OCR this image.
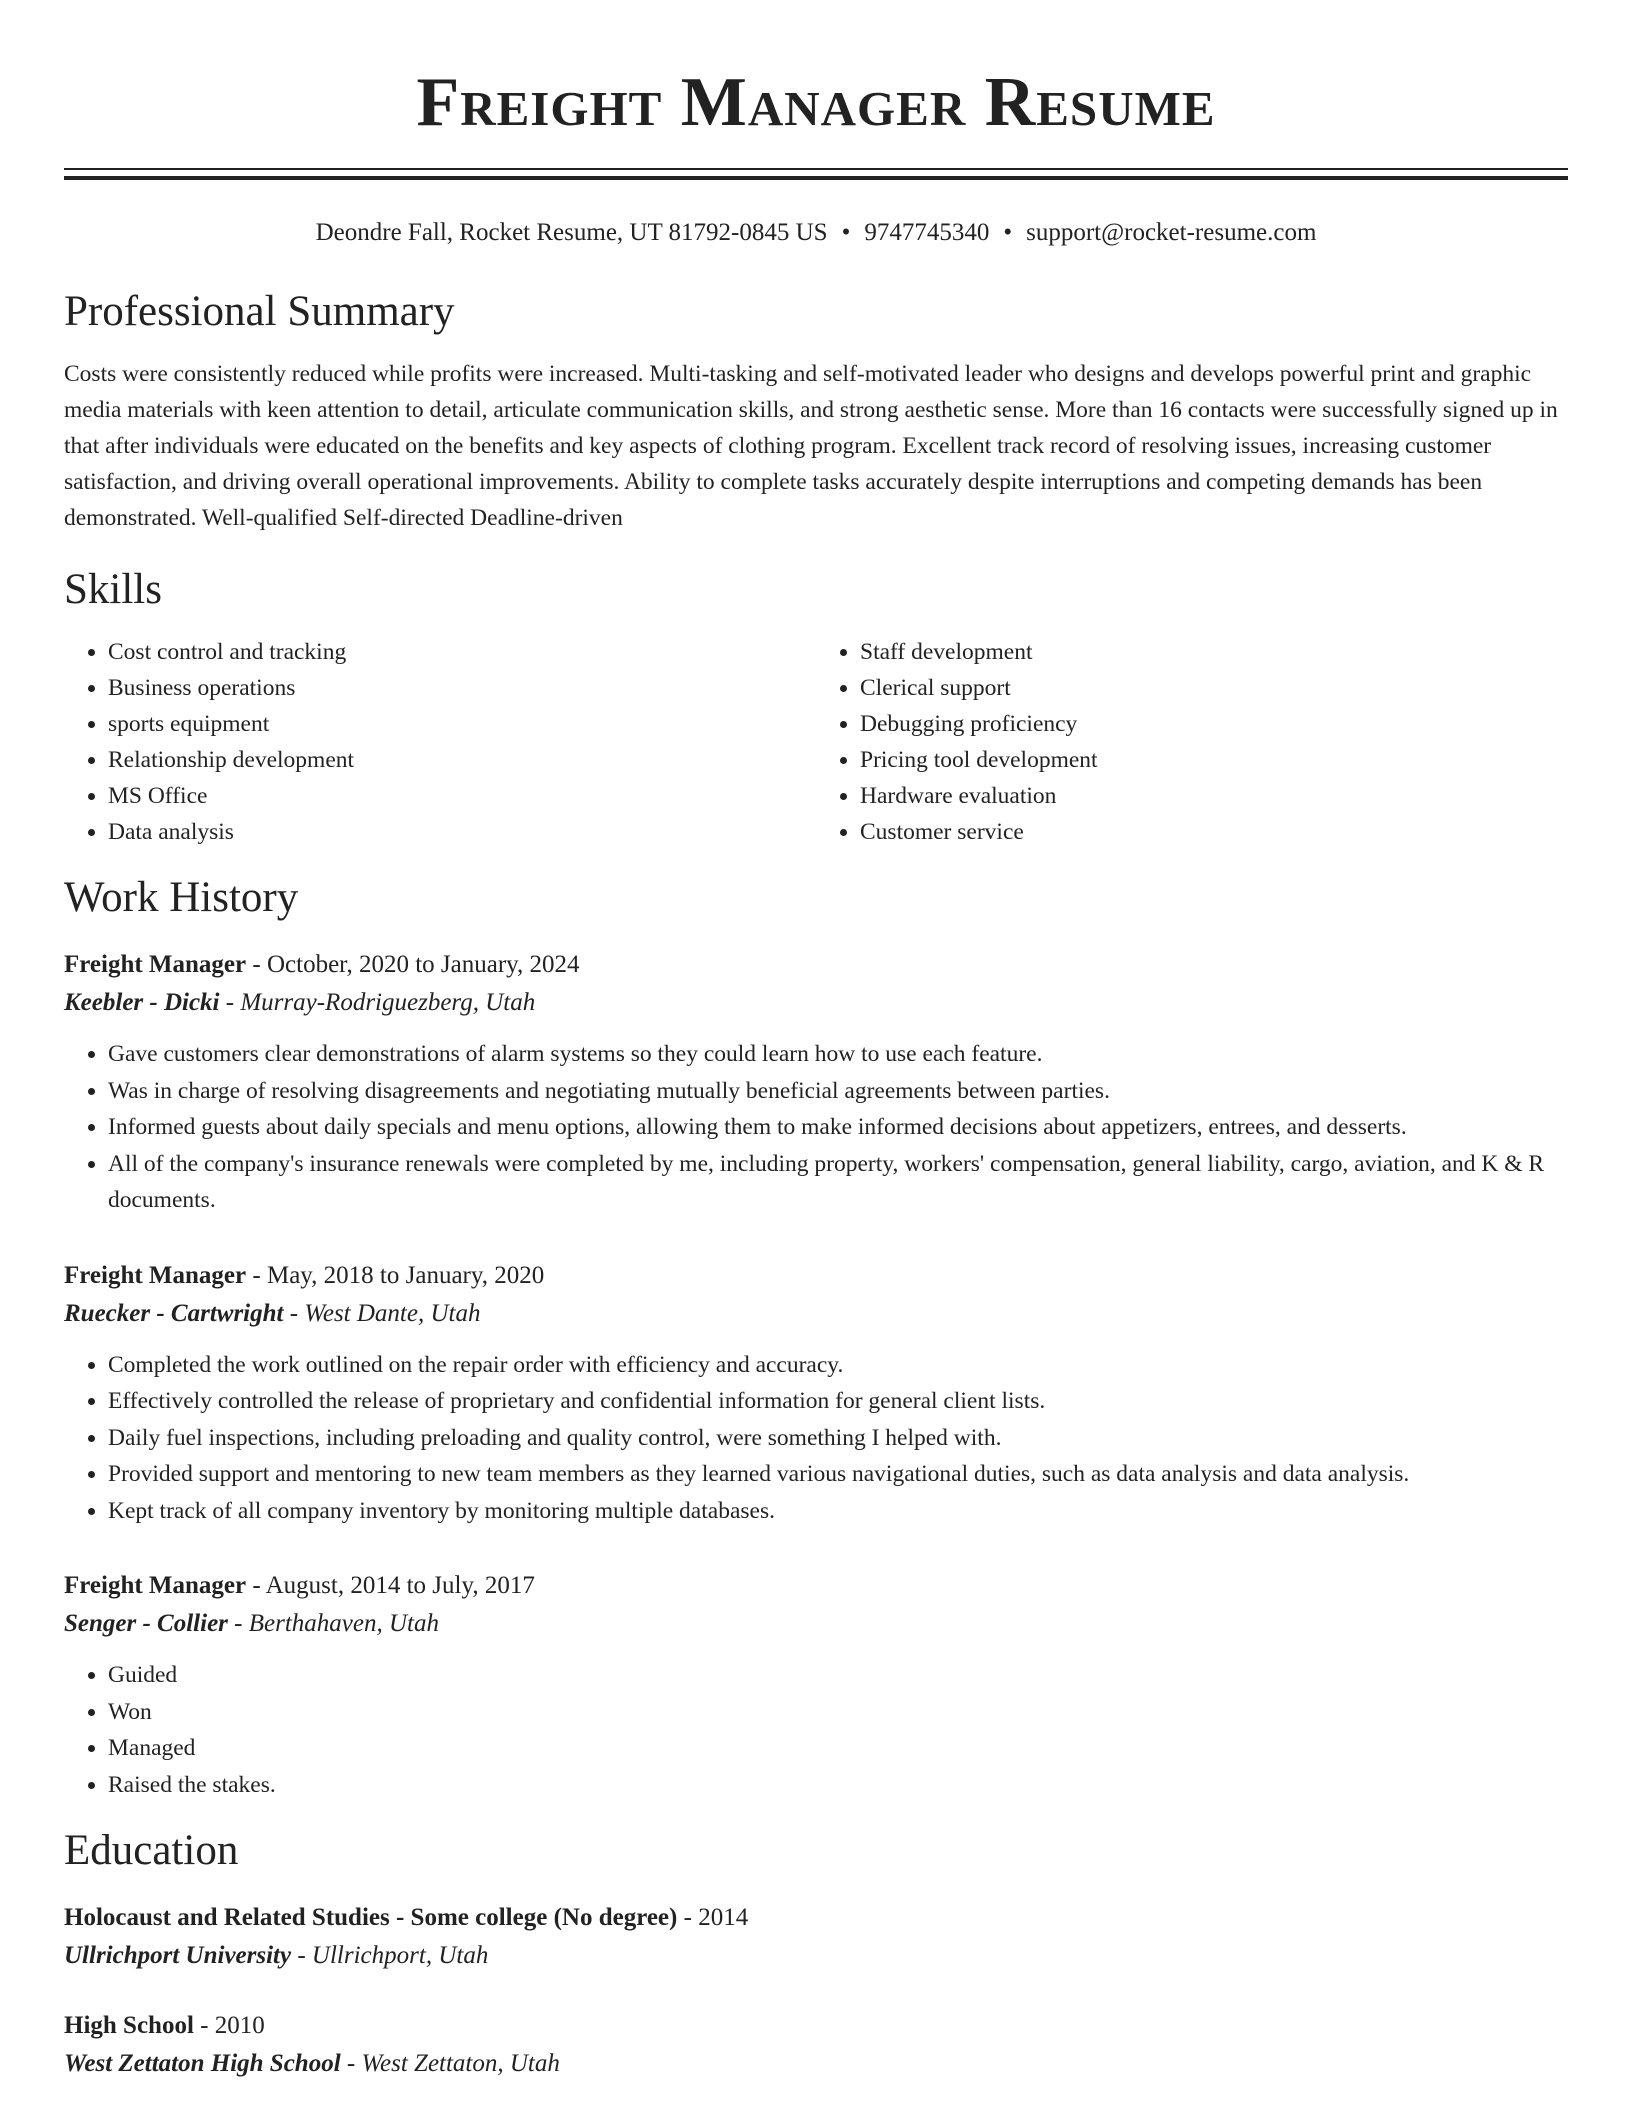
Freight Manager Resume
Deondre Fall, Rocket Resume, UT 81792-0845 US • 9747745340 • support@rocket-resume.com
Professional Summary

Costs were consistently reduced while profits were increased. Multi-tasking and self-motivated leader who designs and develops powerful print and graphic media materials with keen attention to detail, articulate communication skills, and strong aesthetic sense. More than 16 contacts were successfully signed up in that after individuals were educated on the benefits and key aspects of clothing program. Excellent track record of resolving issues, increasing customer satisfaction, and driving overall operational improvements. Ability to complete tasks accurately despite interruptions and competing demands has been demonstrated. Well-qualified Self-directed Deadline-driven

Skills
• Cost control and tracking
• Business operations
• sports equipment
• Relationship development
• MS Office
• Data analysis
• Staff development
• Clerical support
• Debugging proficiency
• Pricing tool development
• Hardware evaluation
• Customer service
Work History
Freight Manager - October, 2020 to January, 2024
Keebler - Dicki - Murray-Rodriguezberg, Utah
• Gave customers clear demonstrations of alarm systems so they could learn how to use each feature.
• Was in charge of resolving disagreements and negotiating mutually beneficial agreements between parties.
• Informed guests about daily specials and menu options, allowing them to make informed decisions about appetizers, entrees, and desserts.
• All of the company's insurance renewals were completed by me, including property, workers' compensation, general liability, cargo, aviation, and K & R documents.
Freight Manager - May, 2018 to January, 2020
Ruecker - Cartwright - West Dante, Utah
• Completed the work outlined on the repair order with efficiency and accuracy.
• Effectively controlled the release of proprietary and confidential information for general client lists.
• Daily fuel inspections, including preloading and quality control, were something I helped with.
• Provided support and mentoring to new team members as they learned various navigational duties, such as data analysis and data analysis.
• Kept track of all company inventory by monitoring multiple databases.
Freight Manager - August, 2014 to July, 2017
Senger - Collier - Berthahaven, Utah
• Guided
• Won
• Managed
• Raised the stakes.
Education
Holocaust and Related Studies - Some college (No degree) - 2014
Ullrichport University - Ullrichport, Utah
High School - 2010
West Zettaton High School - West Zettaton, Utah
